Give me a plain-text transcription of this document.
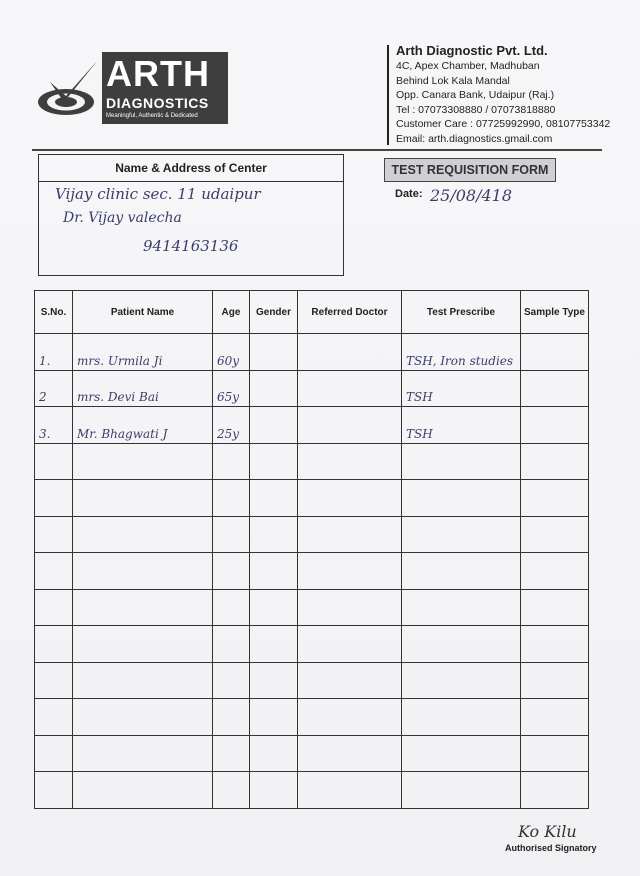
ARTH
DIAGNOSTICS
Meaningful, Authentic & Dedicated
Arth Diagnostic Pvt. Ltd.
4C, Apex Chamber, Madhuban
Behind Lok Kala Mandal
Opp. Canara Bank, Udaipur (Raj.)
Tel : 07073308880 / 07073818880
Customer Care : 07725992990, 08107753342
Email: arth.diagnostics.gmail.com
Name & Address of Center
Vijay clinic sec. 11 udaipur
Dr. Vijay valecha
9414163136
TEST REQUISITION FORM
Date: 25/08/418
S.No.	Patient Name	Age	Gender	Referred Doctor	Test Prescribe	Sample Type

1.	mrs. Urmila Ji	60y			TSH, Iron studies	

2	mrs. Devi Bai	65y			TSH	

3.	Mr. Bhagwati J	25y			TSH	

Ko Kilu
Authorised Signatory
